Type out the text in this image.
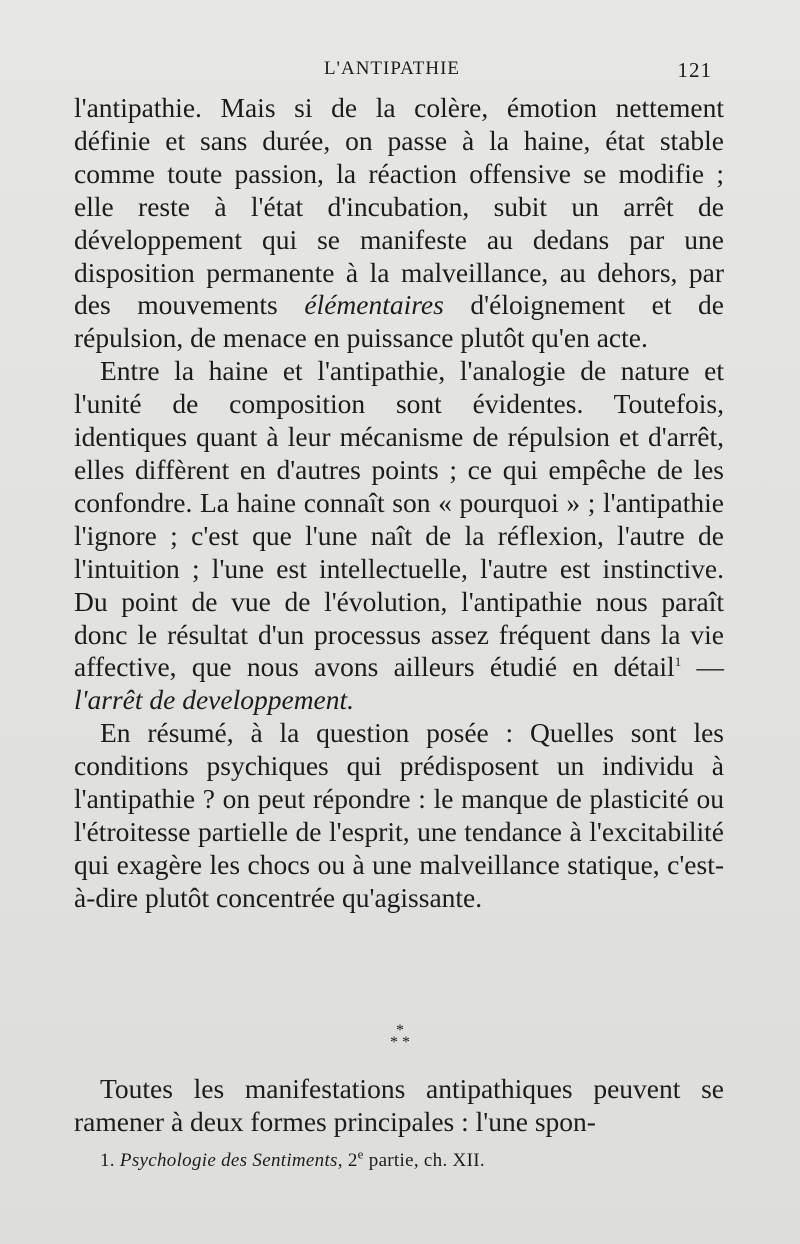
L'ANTIPATHIE	121

l'antipathie. Mais si de la colère, émotion nettement définie et sans durée, on passe à la haine, état stable comme toute passion, la réaction offensive se modifie ; elle reste à l'état d'incubation, subit un arrêt de développement qui se manifeste au dedans par une disposition permanente à la malveillance, au dehors, par des mouvements élémentaires d'éloignement et de répulsion, de menace en puissance plutôt qu'en acte.

Entre la haine et l'antipathie, l'analogie de nature et l'unité de composition sont évidentes. Toutefois, identiques quant à leur mécanisme de répulsion et d'arrêt, elles diffèrent en d'autres points ; ce qui empêche de les confondre. La haine connaît son « pourquoi » ; l'antipathie l'ignore ; c'est que l'une naît de la réflexion, l'autre de l'intuition ; l'une est intellectuelle, l'autre est instinctive. Du point de vue de l'évolution, l'antipathie nous paraît donc le résultat d'un processus assez fréquent dans la vie affective, que nous avons ailleurs étudié en détail$^1$ — l'arrêt de developpement.

En résumé, à la question posée : Quelles sont les conditions psychiques qui prédisposent un individu à l'antipathie ? on peut répondre : le manque de plasticité ou l'étroitesse partielle de l'esprit, une tendance à l'excitabilité qui exagère les chocs ou à une malveillance statique, c'est-à-dire plutôt concentrée qu'agissante.

*
* *
Toutes les manifestations antipathiques peuvent se ramener à deux formes principales : l'une spon-
1. Psychologie des Sentiments, 2e partie, ch. XII.
